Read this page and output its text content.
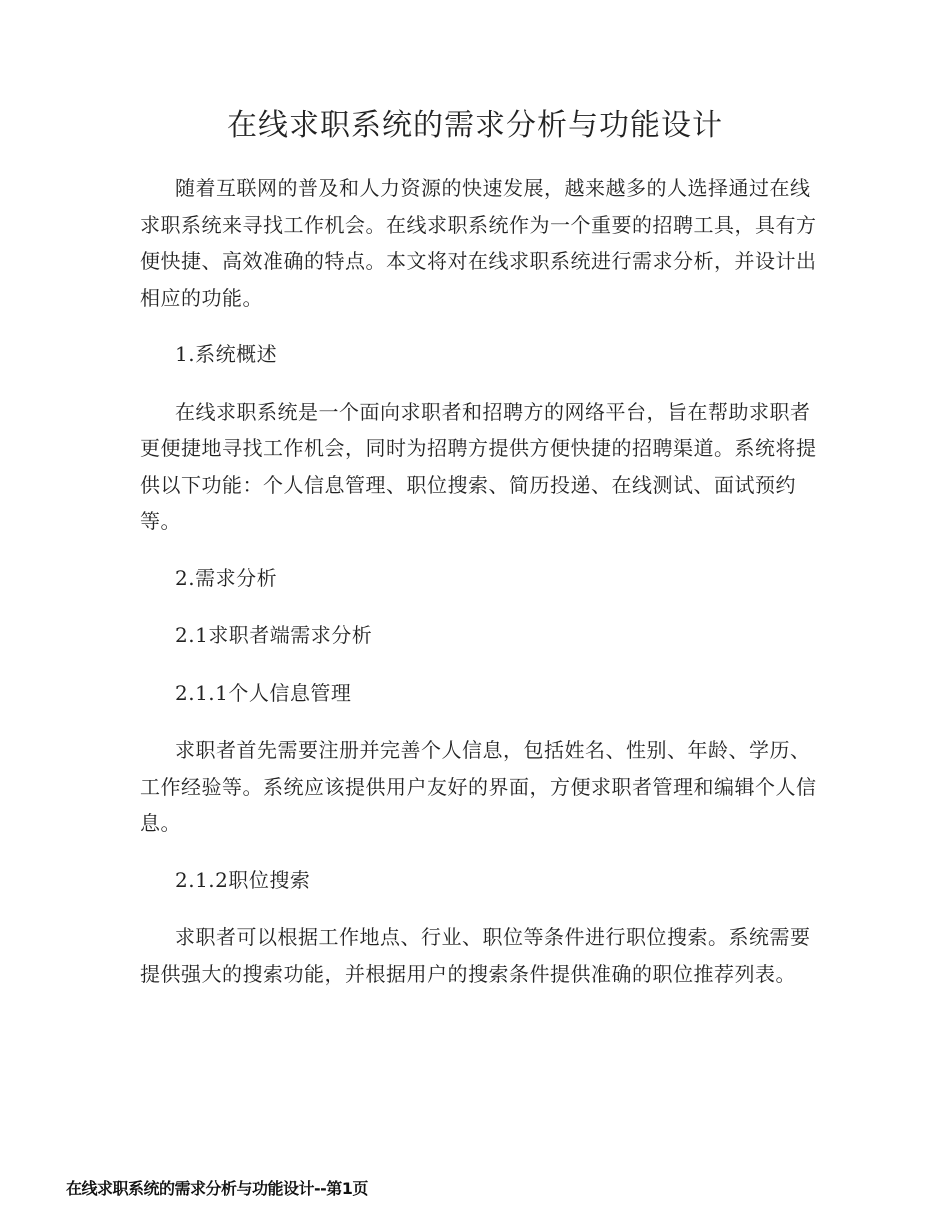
在线求职系统的需求分析与功能设计

随着互联网的普及和人力资源的快速发展，越来越多的人选择通过在线求职系统来寻找工作机会。在线求职系统作为一个重要的招聘工具，具有方便快捷、高效准确的特点。本文将对在线求职系统进行需求分析，并设计出相应的功能。

1.系统概述

在线求职系统是一个面向求职者和招聘方的网络平台，旨在帮助求职者更便捷地寻找工作机会，同时为招聘方提供方便快捷的招聘渠道。系统将提供以下功能：个人信息管理、职位搜索、简历投递、在线测试、面试预约等。

2.需求分析
2.1求职者端需求分析
2.1.1个人信息管理

求职者首先需要注册并完善个人信息，包括姓名、性别、年龄、学历、工作经验等。系统应该提供用户友好的界面，方便求职者管理和编辑个人信息。

2.1.2职位搜索

求职者可以根据工作地点、行业、职位等条件进行职位搜索。系统需要提供强大的搜索功能，并根据用户的搜索条件提供准确的职位推荐列表。

在线求职系统的需求分析与功能设计--第1页
